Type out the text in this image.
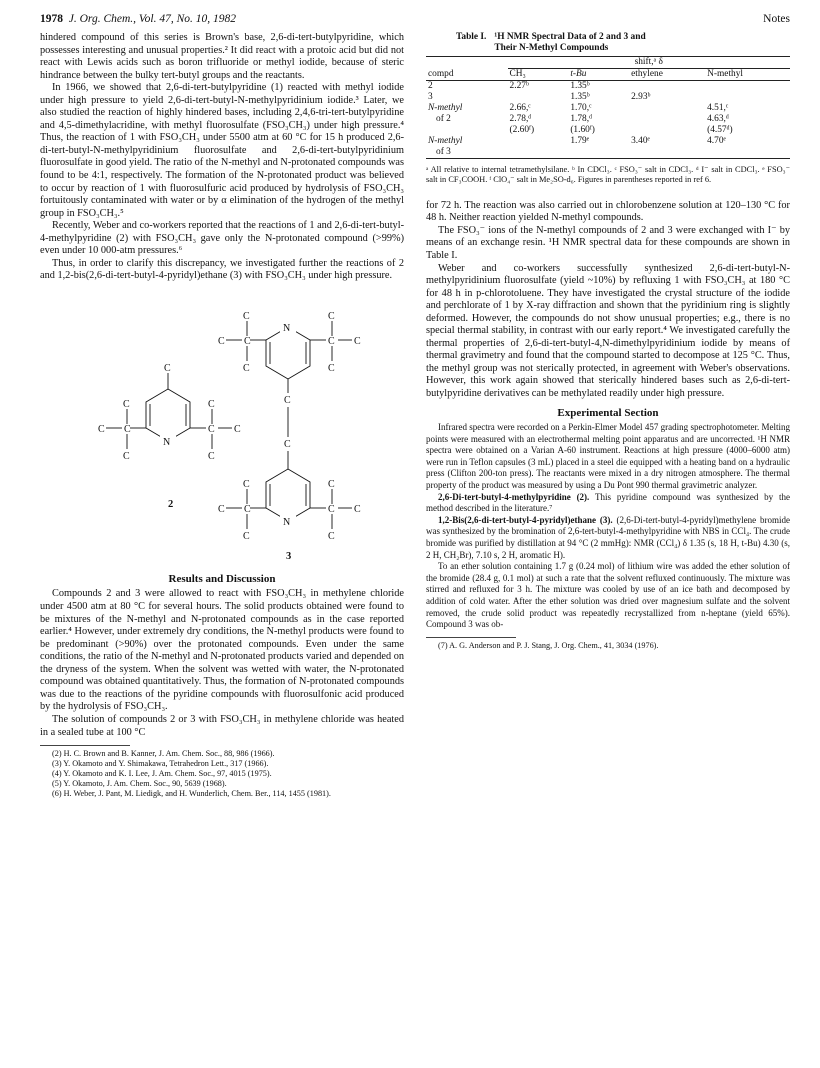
1978 J. Org. Chem., Vol. 47, No. 10, 1982	Notes

hindered compound of this series is Brown's base, 2,6-di-tert-butylpyridine, which possesses interesting and unusual properties.² It did react with a protoic acid but did not react with Lewis acids such as boron trifluoride or methyl iodide, because of steric hindrance between the bulky tert-butyl groups and the reactants.

In 1966, we showed that 2,6-di-tert-butylpyridine (1) reacted with methyl iodide under high pressure to yield 2,6-di-tert-butyl-N-methylpyridinium iodide.³ Later, we also studied the reaction of highly hindered bases, including 2,4,6-tri-tert-butylpyridine and 4,5-dimethylacridine, with methyl fluorosulfate (FSO₃CH₃) under high pressure.⁴ Thus, the reaction of 1 with FSO₃CH₃ under 5500 atm at 60 °C for 15 h produced 2,6-di-tert-butyl-N-methylpyridinium fluorosulfate and 2,6-di-tert-butylpyridinium fluorosulfate in good yield. The ratio of the N-methyl and N-protonated compounds was found to be 4:1, respectively. The formation of the N-protonated product was believed to occur by reaction of 1 with fluorosulfuric acid produced by hydrolysis of FSO₃CH₃ fortuitously contaminated with water or by α elimination of the hydrogen of the methyl group in FSO₃CH₃.⁵

Recently, Weber and co-workers reported that the reactions of 1 and 2,6-di-tert-butyl-4-methylpyridine (2) with FSO₃CH₃ gave only the N-protonated compound (>99%) even under 10 000-atm pressures.⁶

Thus, in order to clarify this discrepancy, we investigated further the reactions of 2 and 1,2-bis(2,6-di-tert-butyl-4-pyridyl)ethane (3) with FSO₃CH₃ under high pressure.

C
N
C
C
C
C	C
C
C
C
N
C
C
C
C	C
C
C
C
C
C
N
C
C
C
C	C
C
C
C
2
3
Results and Discussion

Compounds 2 and 3 were allowed to react with FSO₃CH₃ in methylene chloride under 4500 atm at 80 °C for several hours. The solid products obtained were found to be mixtures of the N-methyl and N-protonated compounds as in the case reported earlier.⁴ However, under extremely dry conditions, the N-methyl products were found to be predominant (>90%) over the protonated compounds. Even under the same conditions, the ratio of the N-methyl and N-protonated products varied and depended on the dryness of the system. When the solvent was wetted with water, the N-protonated compound was obtained quantitatively. Thus, the formation of N-protonated compounds was due to the reactions of the pyridine compounds with fluorosulfonic acid produced by the hydrolysis of FSO₃CH₃.

The solution of compounds 2 or 3 with FSO₃CH₃ in methylene chloride was heated in a sealed tube at 100 °C

(2) H. C. Brown and B. Kanner, J. Am. Chem. Soc., 88, 986 (1966).

(3) Y. Okamoto and Y. Shimakawa, Tetrahedron Lett., 317 (1966).

(4) Y. Okamoto and K. I. Lee, J. Am. Chem. Soc., 97, 4015 (1975).

(5) Y. Okamoto, J. Am. Chem. Soc., 90, 5639 (1968).

(6) H. Weber, J. Pant, M. Liedigk, and H. Wunderlich, Chem. Ber., 114, 1455 (1981).

Table I. ¹H NMR Spectral Data of 2 and 3 and
Their N-Methyl Compounds
	shift,ᵃ δ			
compd	CH₃	t-Bu	ethylene	N-methyl
2	2.27ᵇ	1.35ᵇ		
3		1.35ᵇ	2.93ᵇ	
N-methyl	2.66,ᶜ	1.70,ᶜ		4.51,ᶜ
of 2	2.78,ᵈ	1.78,ᵈ		4.63,ᵈ
	(2.60ᶠ)	(1.60ᶠ)		(4.57ᵈ)
N-methyl		1.79ᵉ	3.40ᵉ	4.70ᵉ
of 3				
ᵃ All relative to internal tetramethylsilane. ᵇ In CDCl₃. ᶜ FSO₃⁻ salt in CDCl₃. ᵈ I⁻ salt in CDCl₃. ᵉ FSO₃⁻ salt in CF₃COOH. ᶠ ClO₄⁻ salt in Me₂SO-d₆. Figures in parentheses reported in ref 6.

for 72 h. The reaction was also carried out in chlorobenzene solution at 120–130 °C for 48 h. Neither reaction yielded N-methyl compounds.

The FSO₃⁻ ions of the N-methyl compounds of 2 and 3 were exchanged with I⁻ by means of an exchange resin. ¹H NMR spectral data for these compounds are shown in Table I.

Weber and co-workers successfully synthesized 2,6-di-tert-butyl-N-methylpyridinium fluorosulfate (yield ~10%) by refluxing 1 with FSO₃CH₃ at 180 °C for 48 h in p-chlorotoluene. They have investigated the crystal structure of the iodide and perchlorate of 1 by X-ray diffraction and shown that the pyridinium ring is slightly deformed. However, the compounds do not show unusual properties; e.g., there is no special thermal stability, in contrast with our early report.⁴ We investigated carefully the thermal properties of 2,6-di-tert-butyl-4,N-dimethylpyridinium iodide by means of thermal gravimetry and found that the compound started to decompose at 125 °C. Thus, the methyl group was not sterically protected, in agreement with Weber's observations. However, this work again showed that sterically hindered bases such as 2,6-di-tert-butylpyridine derivatives can be methylated readily under high pressure.

Experimental Section

Infrared spectra were recorded on a Perkin-Elmer Model 457 grading spectrophotometer. Melting points were measured with an electrothermal melting point apparatus and are uncorrected. ¹H NMR spectra were obtained on a Varian A-60 instrument. Reactions at high pressure (4000–6000 atm) were run in Teflon capsules (3 mL) placed in a steel die equipped with a heating band on a hydraulic press (Clifton 200-ton press). The reactants were mixed in a dry nitrogen atmosphere. The thermal property of the product was measured by using a Du Pont 990 thermal gravimetric analyzer.

2,6-Di-tert-butyl-4-methylpyridine (2). This pyridine compound was synthesized by the method described in the literature.⁷

1,2-Bis(2,6-di-tert-butyl-4-pyridyl)ethane (3). (2,6-Di-tert-butyl-4-pyridyl)methylene bromide was synthesized by the bromination of 2,6-tert-butyl-4-methylpyridine with NBS in CCl₄. The crude bromide was purified by distillation at 94 °C (2 mmHg): NMR (CCl₄) δ 1.35 (s, 18 H, t-Bu) 4.30 (s, 2 H, CH₂Br), 7.10 s, 2 H, aromatic H).

To an ether solution containing 1.7 g (0.24 mol) of lithium wire was added the ether solution of the bromide (28.4 g, 0.1 mol) at such a rate that the solvent refluxed continuously. The mixture was stirred and refluxed for 3 h. The mixture was cooled by use of an ice bath and decomposed by addition of cold water. After the ether solution was dried over magnesium sulfate and the solvent removed, the crude solid product was repeatedly recrystallized from n-heptane (yield 65%). Compound 3 was ob-

(7) A. G. Anderson and P. J. Stang, J. Org. Chem., 41, 3034 (1976).
